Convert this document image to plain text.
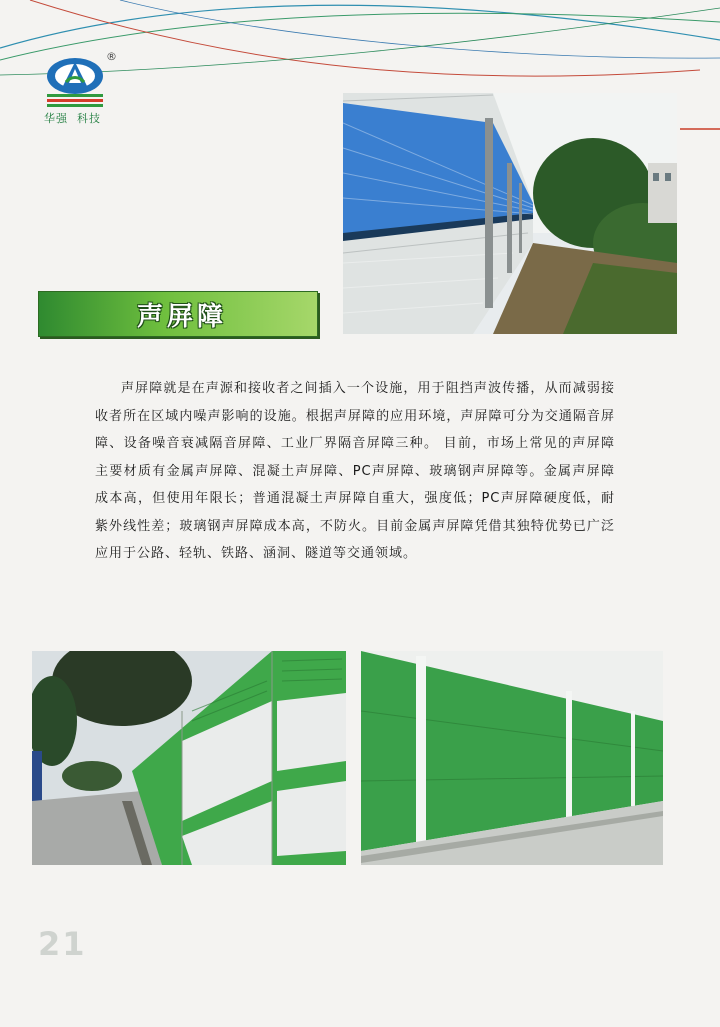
®
华强  科技
声屏障
声屏障就是在声源和接收者之间插入一个设施，用于阻挡声波传播，从而减弱接收者所在区域内噪声影响的设施。根据声屏障的应用环境，声屏障可分为交通隔音屏障、设备噪音衰减隔音屏障、工业厂界隔音屏障三种。 目前，市场上常见的声屏障主要材质有金属声屏障、混凝土声屏障、PC声屏障、玻璃钢声屏障等。金属声屏障成本高，但使用年限长；普通混凝土声屏障自重大，强度低；PC声屏障硬度低，耐紫外线性差；玻璃钢声屏障成本高，不防火。目前金属声屏障凭借其独特优势已广泛应用于公路、轻轨、铁路、涵洞、隧道等交通领域。
21
